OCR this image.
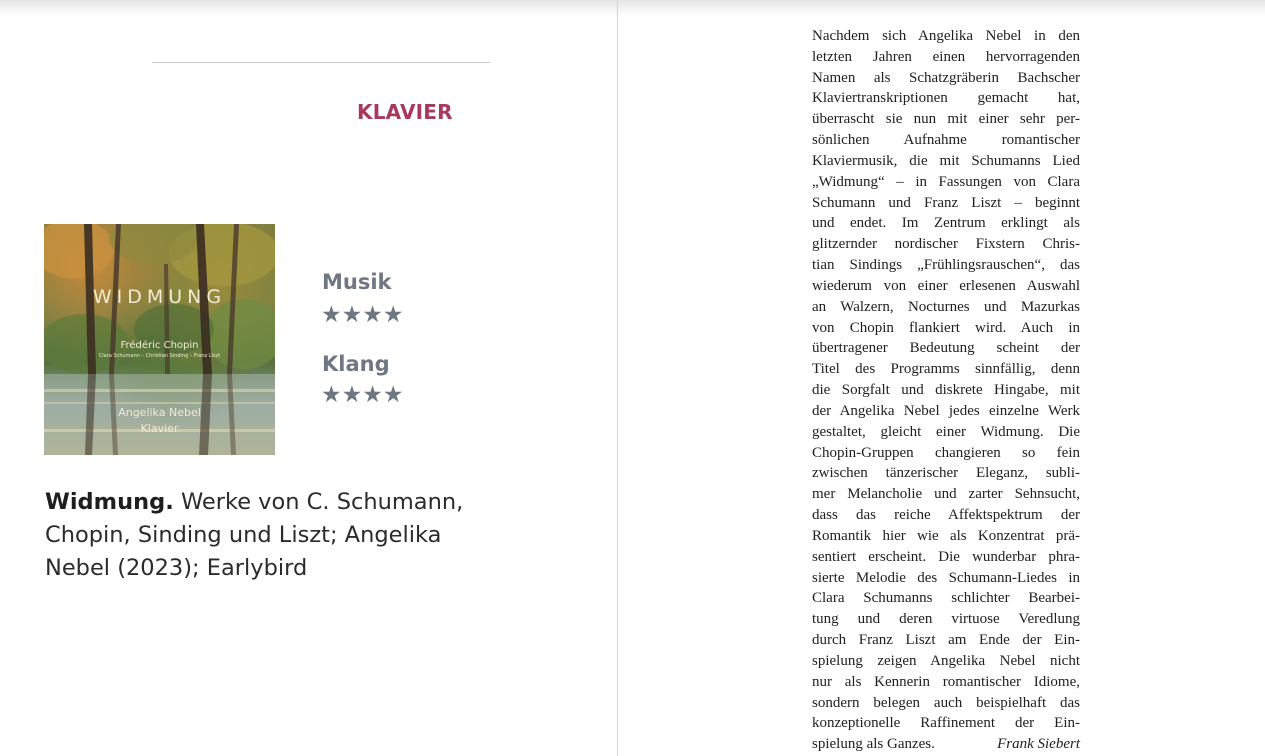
KLAVIER
WIDMUNG
Frédéric Chopin
Clara Schumann – Christian Sinding – Franz Liszt
Angelika Nebel
Klavier
Musik
★★★★
Klang
★★★★
Widmung. Werke von C. Schumann, Chopin, Sinding und Liszt; Angelika Nebel (2023); Earlybird
Nachdem sich Angelika Nebel in den
letzten Jahren einen hervorragenden
Namen als Schatzgräberin Bachscher
Klaviertranskriptionen gemacht hat,
überrascht sie nun mit einer sehr per-
sönlichen Aufnahme romantischer
Klaviermusik, die mit Schumanns Lied
„Widmung“ – in Fassungen von Clara
Schumann und Franz Liszt – beginnt
und endet. Im Zentrum erklingt als
glitzernder nordischer Fixstern Chris-
tian Sindings „Frühlingsrauschen“, das
wiederum von einer erlesenen Auswahl
an Walzern, Nocturnes und Mazurkas
von Chopin flankiert wird. Auch in
übertragener Bedeutung scheint der
Titel des Programms sinnfällig, denn
die Sorgfalt und diskrete Hingabe, mit
der Angelika Nebel jedes einzelne Werk
gestaltet, gleicht einer Widmung. Die
Chopin-Gruppen changieren so fein
zwischen tänzerischer Eleganz, subli-
mer Melancholie und zarter Sehnsucht,
dass das reiche Affektspektrum der
Romantik hier wie als Konzentrat prä-
sentiert erscheint. Die wunderbar phra-
sierte Melodie des Schumann-Liedes in
Clara Schumanns schlichter Bearbei-
tung und deren virtuose Veredlung
durch Franz Liszt am Ende der Ein-
spielung zeigen Angelika Nebel nicht
nur als Kennerin romantischer Idiome,
sondern belegen auch beispielhaft das
konzeptionelle Raffinement der Ein-
spielung als Ganzes.	Frank Siebert
